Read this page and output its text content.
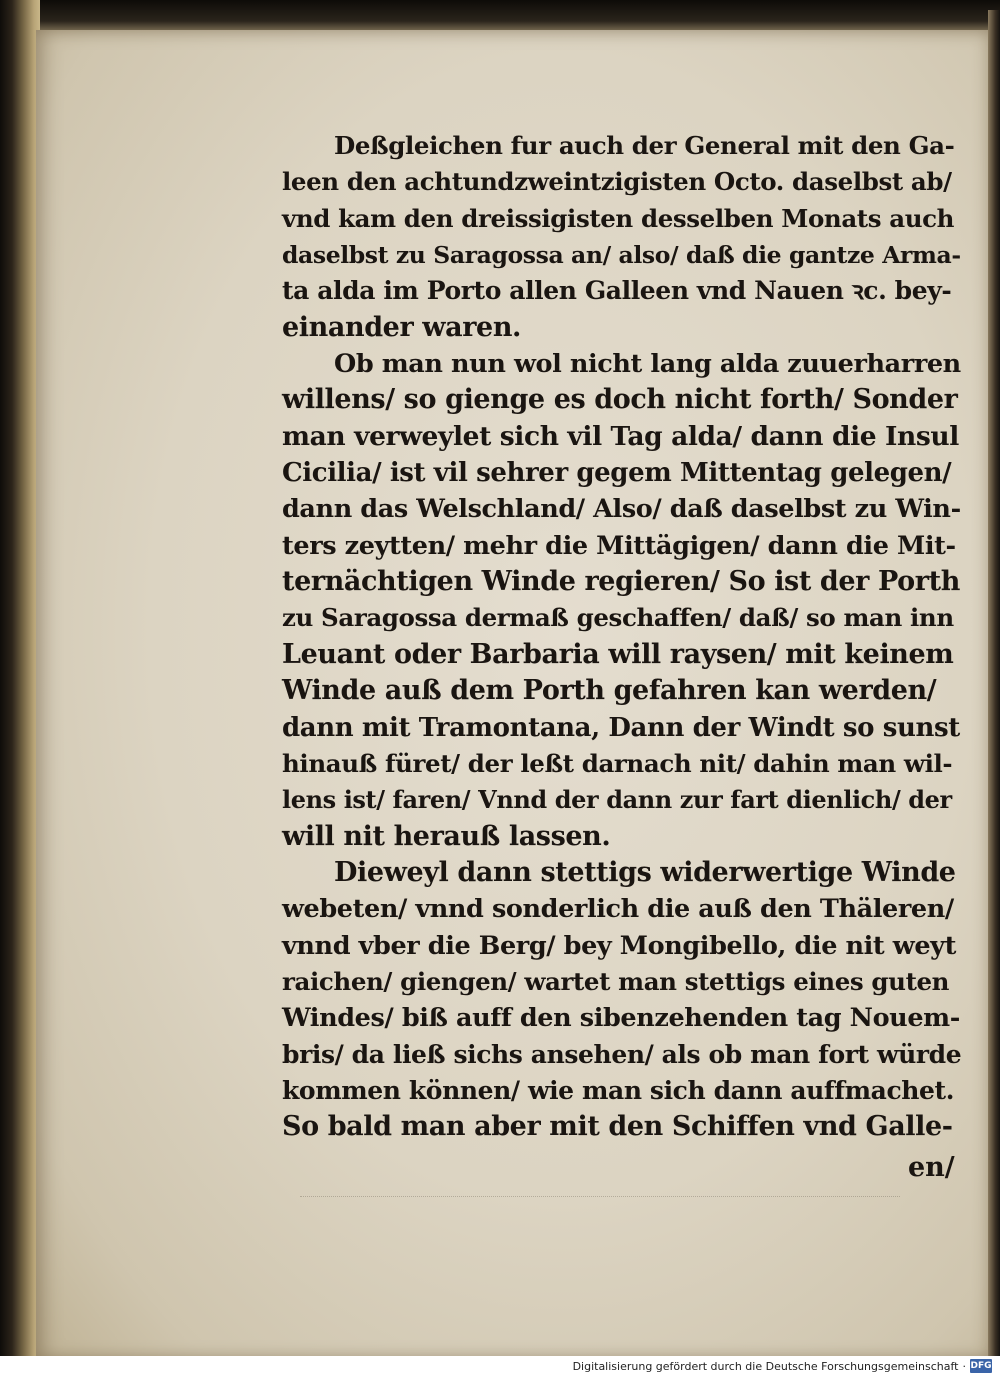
Deßgleichen fur auch der General mit den Ga-
leen den achtundzweintzigisten Octo. daselbst ab/
vnd kam den dreissigisten desselben Monats auch
daselbst zu Saragossa an/ also/ daß die gantze Arma-
ta alda im Porto allen Galleen vnd Nauen ꝛc. bey-
einander waren.
Ob man nun wol nicht lang alda zuuerharren
willens/ so gienge es doch nicht forth/ Sonder
man verweylet sich vil Tag alda/ dann die Insul
Cicilia/ ist vil sehrer gegem Mittentag gelegen/
dann das Welschland/ Also/ daß daselbst zu Win-
ters zeytten/ mehr die Mittägigen/ dann die Mit-
ternächtigen Winde regieren/ So ist der Porth
zu Saragossa dermaß geschaffen/ daß/ so man inn
Leuant oder Barbaria will raysen/ mit keinem
Winde auß dem Porth gefahren kan werden/
dann mit Tramontana, Dann der Windt so sunst
hinauß füret/ der leßt darnach nit/ dahin man wil-
lens ist/ faren/ Vnnd der dann zur fart dienlich/ der
will nit herauß lassen.
Dieweyl dann stettigs widerwertige Winde
webeten/ vnnd sonderlich die auß den Thäleren/
vnnd vber die Berg/ bey Mongibello, die nit weyt
raichen/ giengen/ wartet man stettigs eines guten
Windes/ biß auff den sibenzehenden tag Nouem-
bris/ da ließ sichs ansehen/ als ob man fort würde
kommen können/ wie man sich dann auffmachet.
So bald man aber mit den Schiffen vnd Galle-
en/
Digitalisierung gefördert durch die Deutsche Forschungsgemeinschaft · DFG
